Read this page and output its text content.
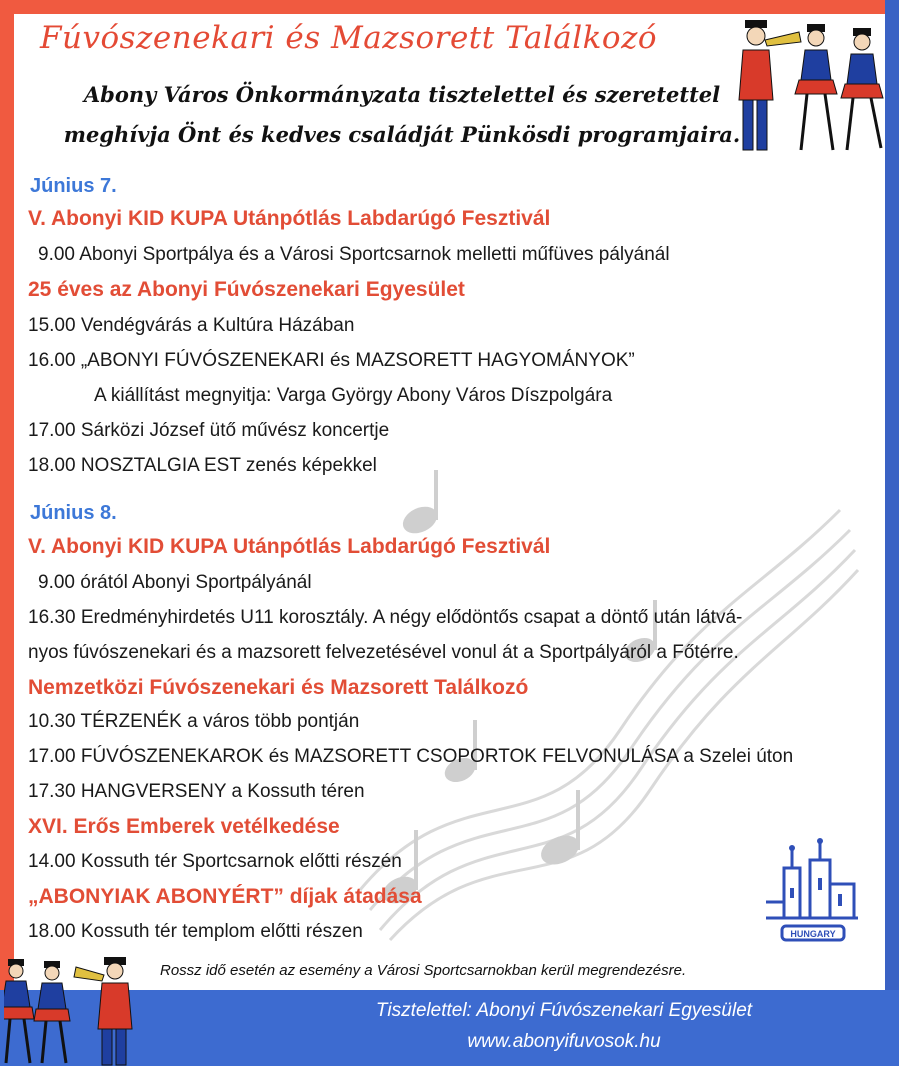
HUNGARY
Fúvószenekari és Mazsorett Találkozó
Abony Város Önkormányzata tisztelettel és szeretettel
meghívja Önt és kedves családját Pünkösdi programjaira.
Június 7.
V. Abonyi KID KUPA Utánpótlás Labdarúgó Fesztivál
9.00 Abonyi Sportpálya és a Városi Sportcsarnok melletti műfüves pályánál
25 éves az Abonyi Fúvószenekari Egyesület
15.00 Vendégvárás a Kultúra Házában
16.00 „ABONYI FÚVÓSZENEKARI és MAZSORETT HAGYOMÁNYOK”
A kiállítást megnyitja: Varga György Abony Város Díszpolgára
17.00 Sárközi József ütő művész koncertje
18.00 NOSZTALGIA EST zenés képekkel
Június 8.
V. Abonyi KID KUPA Utánpótlás Labdarúgó Fesztivál
9.00 órától Abonyi Sportpályánál
16.30 Eredményhirdetés U11 korosztály. A négy elődöntős csapat a döntő után látvá-
nyos fúvószenekari és a mazsorett felvezetésével vonul át a Sportpályáról a Főtérre.
Nemzetközi Fúvószenekari és Mazsorett Találkozó
10.30 TÉRZENÉK a város több pontján
17.00 FÚVÓSZENEKAROK és MAZSORETT CSOPORTOK FELVONULÁSA a Szelei úton
17.30 HANGVERSENY a Kossuth téren
XVI. Erős Emberek vetélkedése
14.00 Kossuth tér Sportcsarnok előtti részén
„ABONYIAK ABONYÉRT” díjak átadása
18.00 Kossuth tér templom előtti részen
Rossz idő esetén az esemény a Városi Sportcsarnokban kerül megrendezésre.
Tisztelettel: Abonyi Fúvószenekari Egyesület
www.abonyifuvosok.hu
